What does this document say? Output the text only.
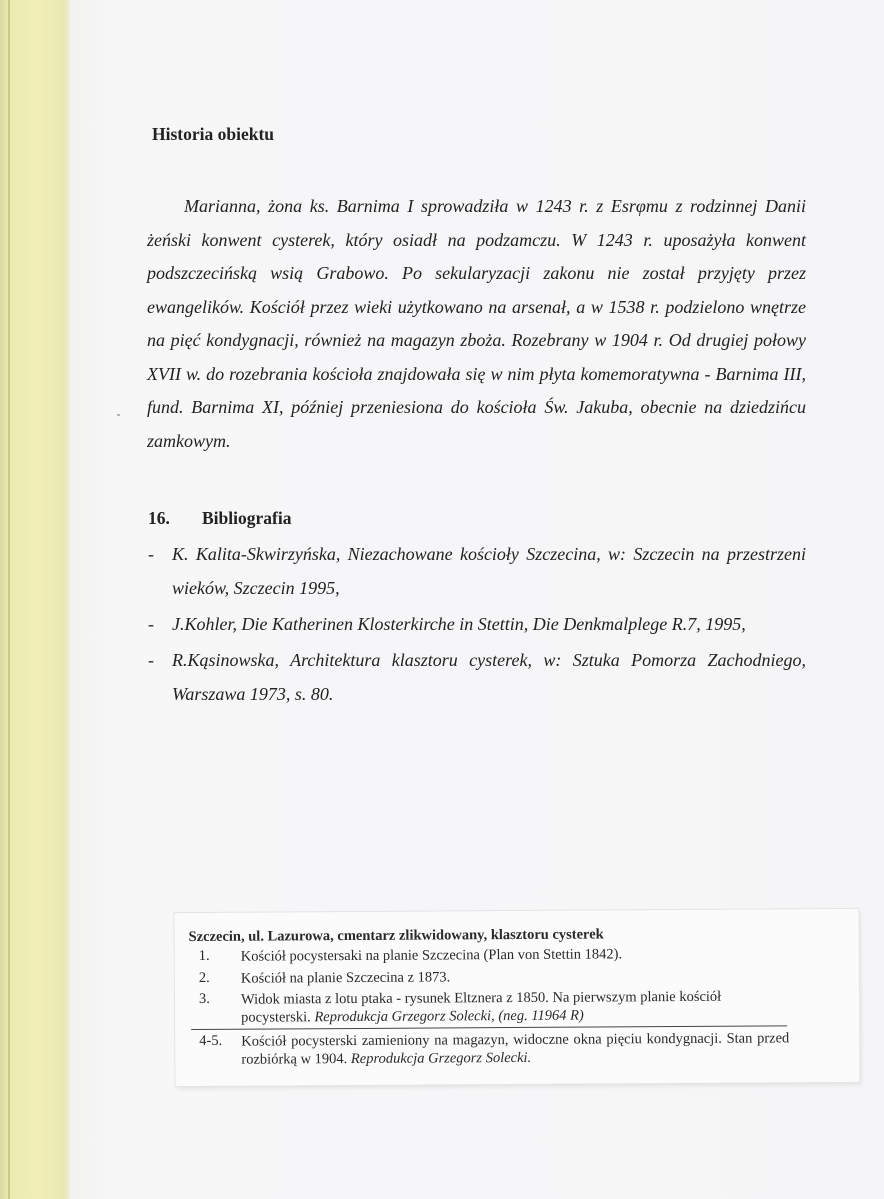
Historia obiektu

Marianna, żona ks. Barnima I sprowadziła w 1243 r. z Esrφmu z rodzinnej Danii żeński konwent cysterek, który osiadł na podzamczu. W 1243 r. uposażyła konwent podszczecińską wsią Grabowo. Po sekularyzacji zakonu nie został przyjęty przez ewangelików. Kościół przez wieki użytkowano na arsenał, a w 1538 r. podzielono wnętrze na pięć kondygnacji, również na magazyn zboża. Rozebrany w 1904 r. Od drugiej połowy XVII w. do rozebrania kościoła znajdowała się w nim płyta komemoratywna - Barnima III, fund. Barnima XI, później przeniesiona do kościoła Św. Jakuba, obecnie na dziedzińcu zamkowym.

16.	Bibliografia
-	K. Kalita-Skwirzyńska, Niezachowane kościoły Szczecina, w: Szczecin na przestrzeni wieków, Szczecin 1995,
-	J.Kohler, Die Katherinen Klosterkirche in Stettin, Die Denkmalplege R.7, 1995,
-	R.Kąsinowska, Architektura klasztoru cysterek, w: Sztuka Pomorza Zachodniego, Warszawa 1973, s. 80.
Szczecin, ul. Lazurowa, cmentarz zlikwidowany, klasztoru cysterek
1.	Kościół pocystersaki na planie Szczecina (Plan von Stettin 1842).
2.	Kościół na planie Szczecina z 1873.
3.	Widok miasta z lotu ptaka - rysunek Eltznera z 1850. Na pierwszym planie kościół pocysterski. Reprodukcja Grzegorz Solecki, (neg. 11964 R)
4-5.	Kościół pocysterski zamieniony na magazyn, widoczne okna pięciu kondygnacji. Stan przed rozbiórką w 1904. Reprodukcja Grzegorz Solecki.
